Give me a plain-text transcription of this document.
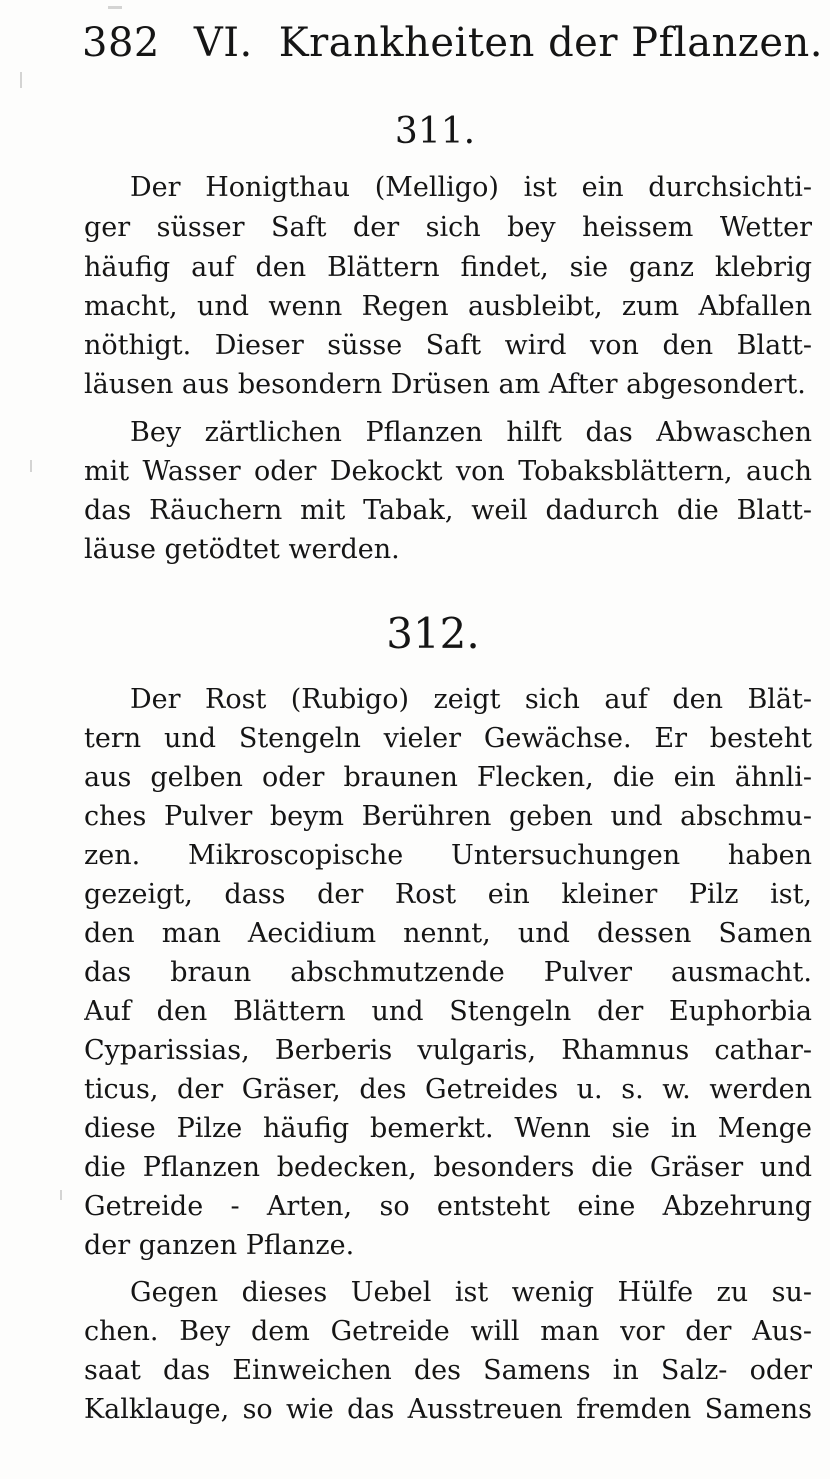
382 VI. Krankheiten der Pflanzen.
311.
Der Honigthau (Melligo) ist ein durchsichti-
ger süsser Saft der sich bey heissem Wetter
häufig auf den Blättern findet, sie ganz klebrig
macht, und wenn Regen ausbleibt, zum Abfallen
nöthigt. Dieser süsse Saft wird von den Blatt-
läusen aus besondern Drüsen am After abgesondert.
Bey zärtlichen Pflanzen hilft das Abwaschen
mit Wasser oder Dekockt von Tobaksblättern, auch
das Räuchern mit Tabak, weil dadurch die Blatt-
läuse getödtet werden.
312.
Der Rost (Rubigo) zeigt sich auf den Blät-
tern und Stengeln vieler Gewächse. Er besteht
aus gelben oder braunen Flecken, die ein ähnli-
ches Pulver beym Berühren geben und abschmu-
zen. Mikroscopische Untersuchungen haben
gezeigt, dass der Rost ein kleiner Pilz ist,
den man Aecidium nennt, und dessen Samen
das braun abschmutzende Pulver ausmacht.
Auf den Blättern und Stengeln der Euphorbia
Cyparissias, Berberis vulgaris, Rhamnus cathar-
ticus, der Gräser, des Getreides u. s. w. werden
diese Pilze häufig bemerkt. Wenn sie in Menge
die Pflanzen bedecken, besonders die Gräser und
Getreide - Arten, so entsteht eine Abzehrung
der ganzen Pflanze.
Gegen dieses Uebel ist wenig Hülfe zu su-
chen. Bey dem Getreide will man vor der Aus-
saat das Einweichen des Samens in Salz- oder
Kalklauge, so wie das Ausstreuen fremden Samens
